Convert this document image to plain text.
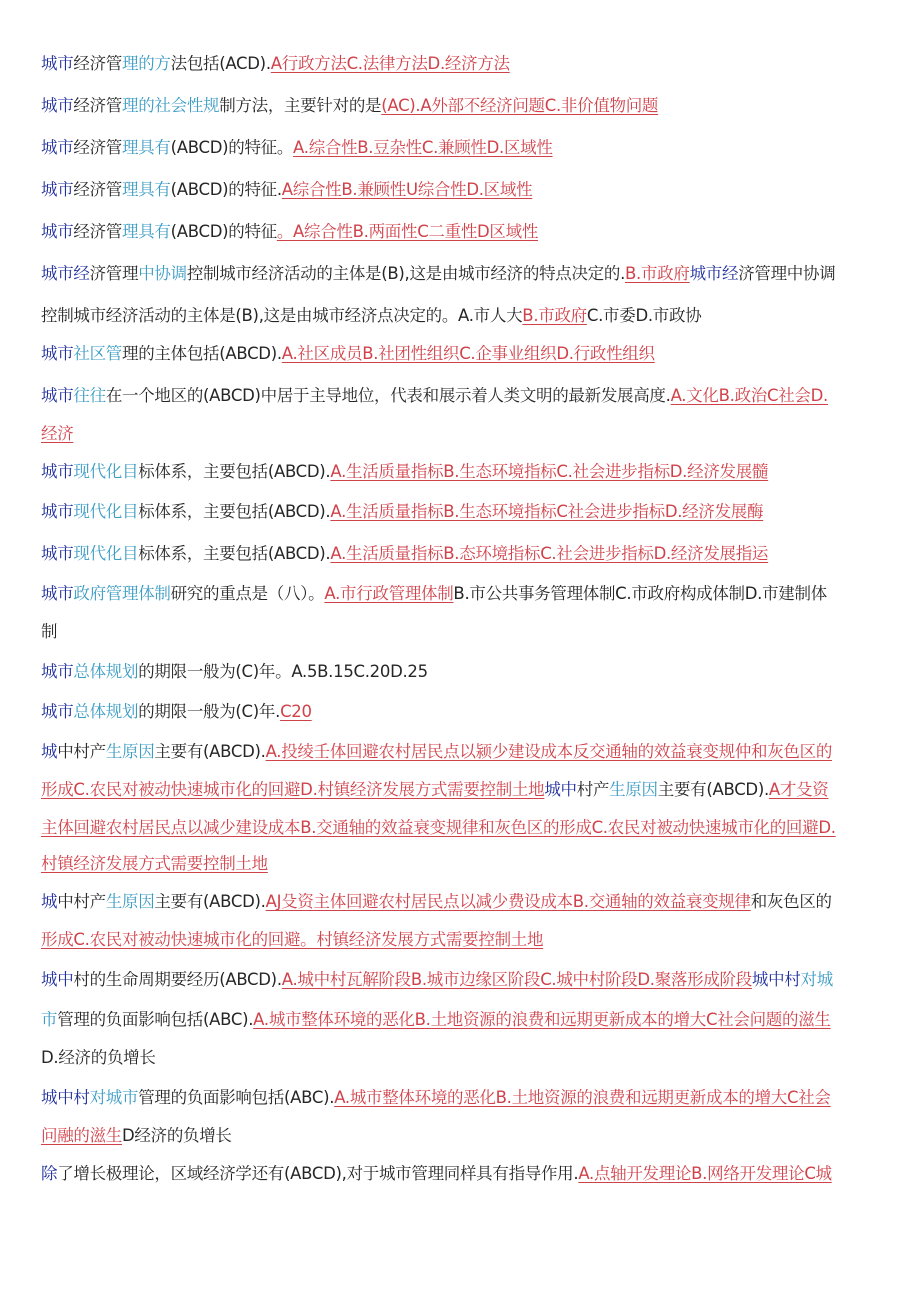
城市经济管理的方法包括(ACD).A行政方法C.法律方法D.经济方法
城市经济管理的社会性规制方法，主要针对的是(AC).A外部不经济问题C.非价值物问题
城市经济管理具有(ABCD)的特征。A.综合性B.豆杂性C.兼顾性D.区域性
城市经济管理具有(ABCD)的特征.A综合性B.兼顾性U综合性D.区域性
城市经济管理具有(ABCD)的特征。A综合性B.两面性C二重性D区域性
城市经济管理中协调控制城市经济活动的主体是(B),这是由城市经济的特点决定的.B.市政府城市经济管理中协调
控制城市经济活动的主体是(B),这是由城市经济点决定的。A.市人大B.市政府C.市委D.市政协
城市社区管理的主体包括(ABCD).A.社区成员B.社团性组织C.企事业组织D.行政性组织
城市往往在一个地区的(ABCD)中居于主导地位，代表和展示着人类文明的最新发展高度.A.文化B.政治C社会D.
经济
城市现代化目标体系，主要包括(ABCD).A.生活质量指标B.生态环境指标C.社会进步指标D.经济发展髓
城市现代化目标体系，主要包括(ABCD).A.生活质量指标B.生态环境指标C社会进步指标D.经济发展酶
城市现代化目标体系，主要包括(ABCD).A.生活质量指标B.态环境指标C.社会进步指标D.经济发展指运
城市政府管理体制研究的重点是（八）。A.市行政管理体制B.市公共事务管理体制C.市政府构成体制D.市建制体
制
城市总体规划的期限一般为(C)年。A.5B.15C.20D.25
城市总体规划的期限一般为(C)年.C20
城中村产生原因主要有(ABCD).A.投绫壬体回避农村居民点以颍少建设成本反交通轴的效益衰变规仲和灰色区的
形成C.农民对被动快速城市化的回避D.村镇经济发展方式需要控制土地城中村产生原因主要有(ABCD).A才殳资
主体回避农村居民点以减少建设成本B.交通轴的效益衰变规律和灰色区的形成C.农民对被动快速城市化的回避D.
村镇经济发展方式需要控制土地
城中村产生原因主要有(ABCD).AJ殳资主体回避农村居民点以减少费设成本B.交通轴的效益衰变规律和灰色区的
形成C.农民对被动快速城市化的回避。村镇经济发展方式需要控制土地
城中村的生命周期要经历(ABCD).A.城中村瓦解阶段B.城市边缘区阶段C.城中村阶段D.聚落形成阶段城中村对城
市管理的负面影响包括(ABC).A.城市整体环境的恶化B.土地资源的浪费和远期更新成本的增大C社会问题的滋生
D.经济的负增长
城中村对城市管理的负面影响包括(ABC).A.城市整体环境的恶化B.土地资源的浪费和远期更新成本的增大C社会
问融的滋生D经济的负增长
除了增长极理论，区域经济学还有(ABCD),对于城市管理同样具有指导作用.A.点轴开发理论B.网络开发理论C城
